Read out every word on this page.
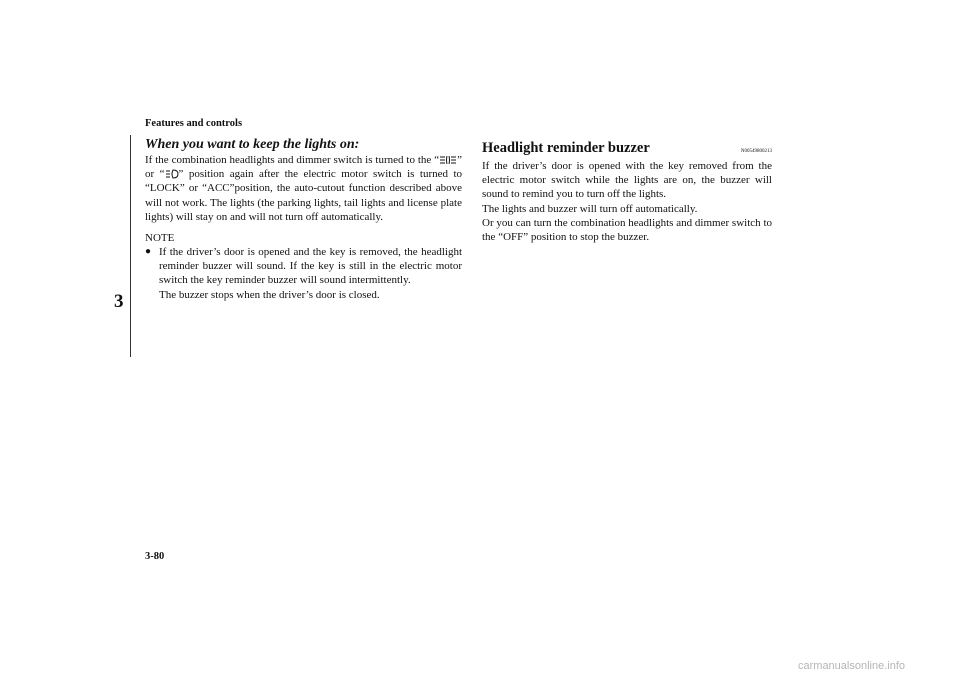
Features and controls
3
When you want to keep the lights on:

If the combination headlights and dimmer switch is turned to the “ ” or “ ” position again after the electric motor switch is turned to “LOCK” or “ACC”position, the auto-cutout function described above will not work. The lights (the parking lights, tail lights and license plate lights) will stay on and will not turn off automatically.

NOTE
● If the driver’s door is opened and the key is removed, the headlight reminder buzzer will sound. If the key is still in the electric motor switch the key reminder buzzer will sound intermittently.

The buzzer stops when the driver’s door is closed.

Headlight reminder buzzer	N00549800213

If the driver’s door is opened with the key removed from the electric motor switch while the lights are on, the buzzer will sound to remind you to turn off the lights.

The lights and buzzer will turn off automatically.

Or you can turn the combination headlights and dimmer switch to the “OFF” position to stop the buzzer.

3-80
carmanualsonline.info
